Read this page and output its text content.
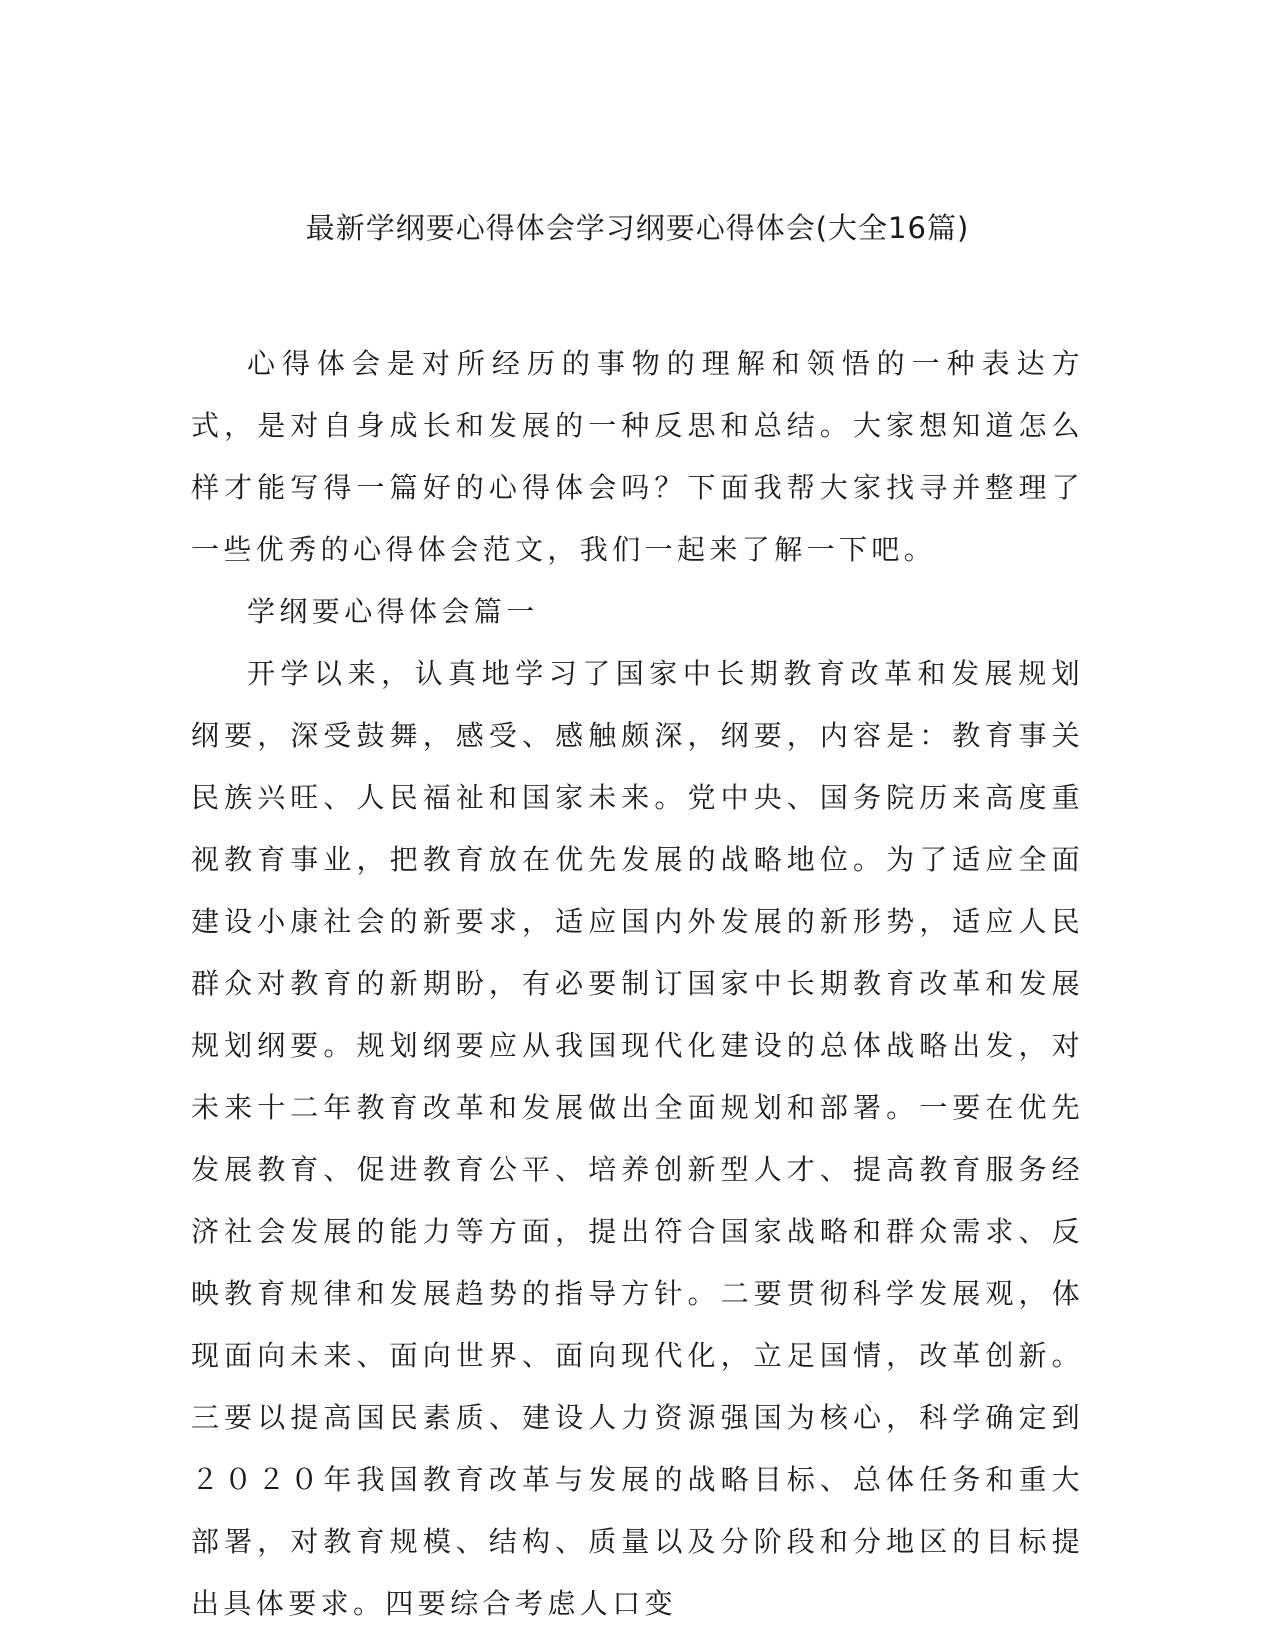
最新学纲要心得体会学习纲要心得体会(大全16篇)

心得体会是对所经历的事物的理解和领悟的一种表达方式，是对自身成长和发展的一种反思和总结。大家想知道怎么样才能写得一篇好的心得体会吗？下面我帮大家找寻并整理了一些优秀的心得体会范文，我们一起来了解一下吧。

学纲要心得体会篇一

开学以来，认真地学习了国家中长期教育改革和发展规划纲要，深受鼓舞，感受、感触颇深，纲要，内容是：教育事关民族兴旺、人民福祉和国家未来。党中央、国务院历来高度重视教育事业，把教育放在优先发展的战略地位。为了适应全面建设小康社会的新要求，适应国内外发展的新形势，适应人民群众对教育的新期盼，有必要制订国家中长期教育改革和发展规划纲要。规划纲要应从我国现代化建设的总体战略出发，对未来十二年教育改革和发展做出全面规划和部署。一要在优先发展教育、促进教育公平、培养创新型人才、提高教育服务经济社会发展的能力等方面，提出符合国家战略和群众需求、反映教育规律和发展趋势的指导方针。二要贯彻科学发展观，体现面向未来、面向世界、面向现代化，立足国情，改革创新。三要以提高国民素质、建设人力资源强国为核心，科学确定到２０２０年我国教育改革与发展的战略目标、总体任务和重大部署，对教育规模、结构、质量以及分阶段和分地区的目标提出具体要求。四要综合考虑人口变
